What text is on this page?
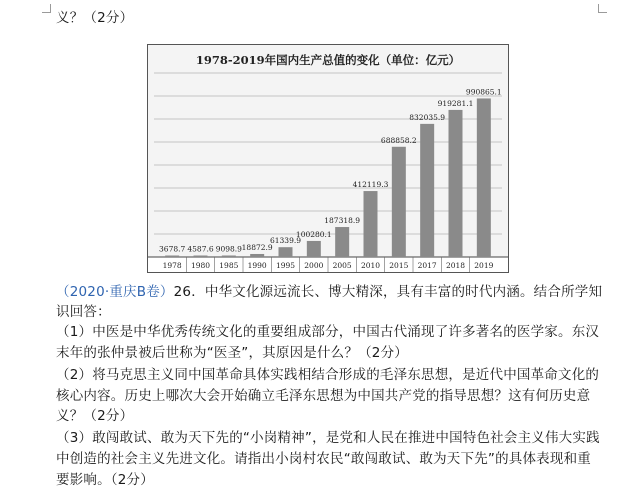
义？（2分）
1978-2019年国内生产总值的变化（单位：亿元）
3678.7
1978
4587.6
1980
9098.9
1985
18872.9
1990
61339.9
1995
100280.1
2000
187318.9
2005
412119.3
2010
688858.2
2015
832035.9
2017
919281.1
2018
990865.1
2019
（2020·重庆B卷）26．中华文化源远流长、博大精深，具有丰富的时代内涵。结合所学知
识回答：
（1）中医是中华优秀传统文化的重要组成部分，中国古代涌现了许多著名的医学家。东汉
末年的张仲景被后世称为“医圣”，其原因是什么？（2分）
（2）将马克思主义同中国革命具体实践相结合形成的毛泽东思想，是近代中国革命文化的
核心内容。历史上哪次大会开始确立毛泽东思想为中国共产党的指导思想？这有何历史意
义？（2分）
（3）敢闯敢试、敢为天下先的“小岗精神”，是党和人民在推进中国特色社会主义伟大实践
中创造的社会主义先进文化。请指出小岗村农民“敢闯敢试、敢为天下先”的具体表现和重
要影响。（2分）
